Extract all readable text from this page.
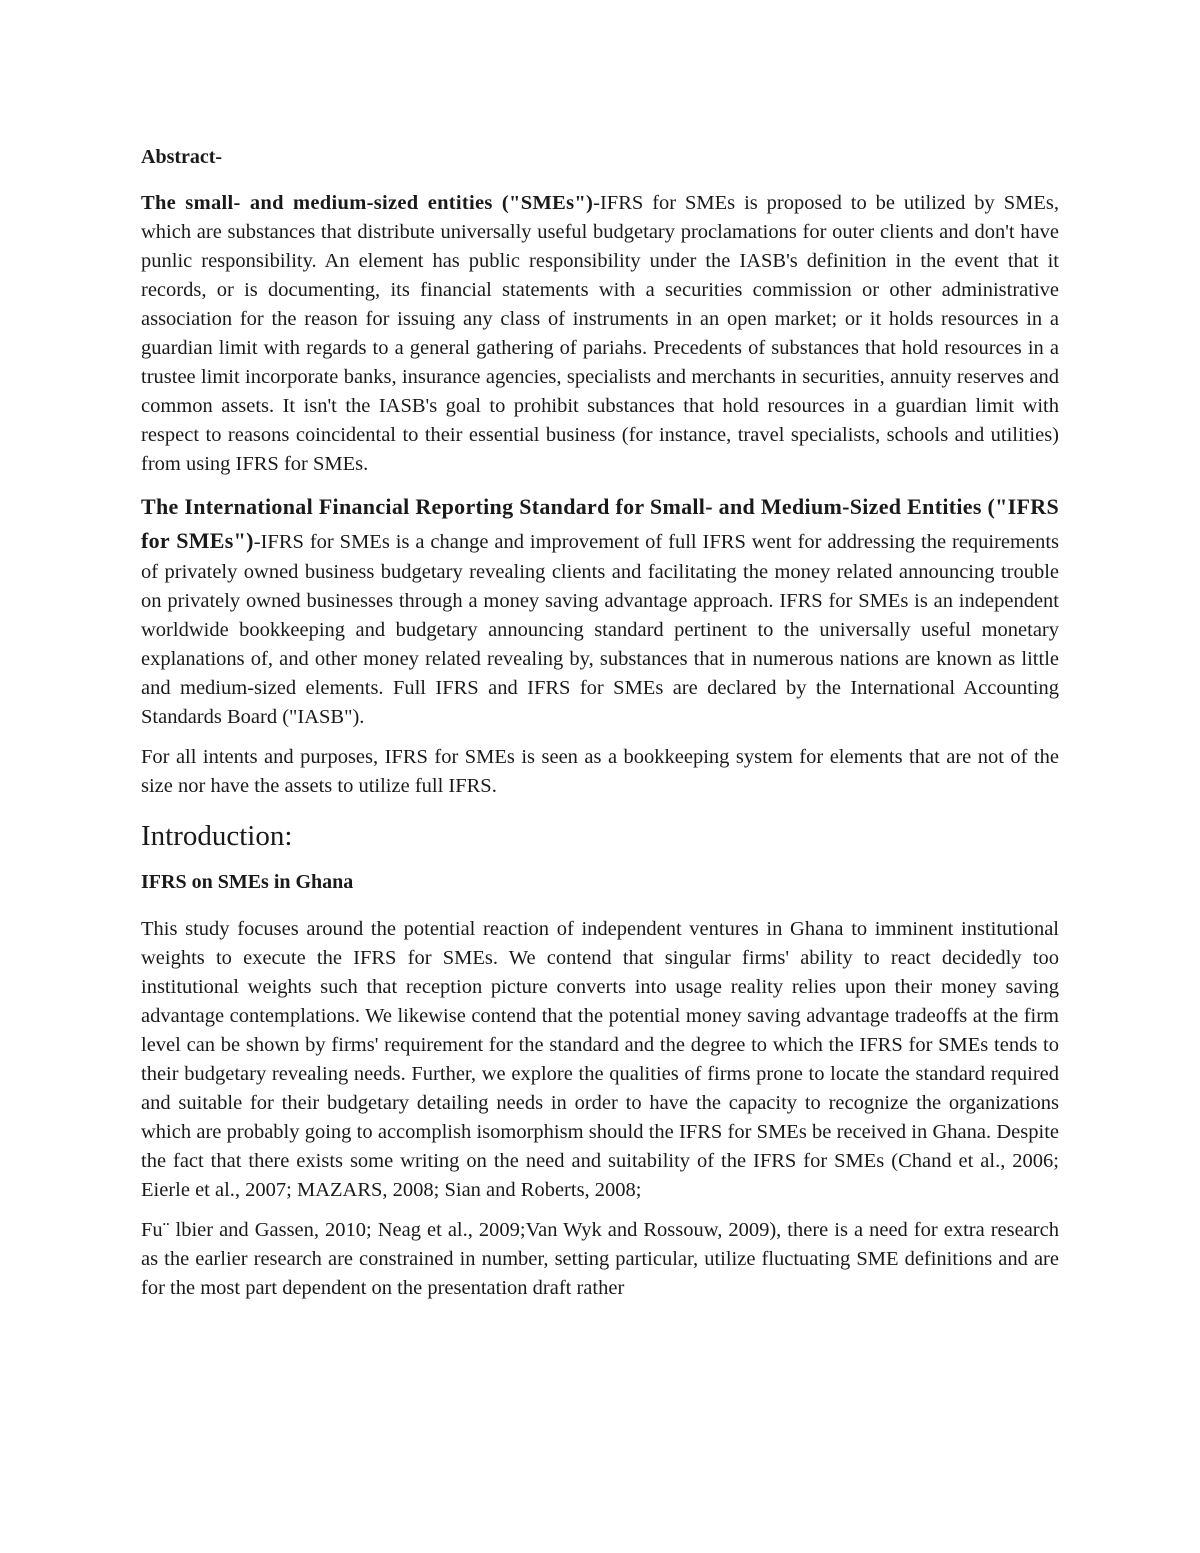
Abstract-

The small- and medium-sized entities ("SMEs")-IFRS for SMEs is proposed to be utilized by SMEs, which are substances that distribute universally useful budgetary proclamations for outer clients and don't have punlic responsibility. An element has public responsibility under the IASB's definition in the event that it records, or is documenting, its financial statements with a securities commission or other administrative association for the reason for issuing any class of instruments in an open market; or it holds resources in a guardian limit with regards to a general gathering of pariahs. Precedents of substances that hold resources in a trustee limit incorporate banks, insurance agencies, specialists and merchants in securities, annuity reserves and common assets. It isn't the IASB's goal to prohibit substances that hold resources in a guardian limit with respect to reasons coincidental to their essential business (for instance, travel specialists, schools and utilities) from using IFRS for SMEs.

The International Financial Reporting Standard for Small- and Medium-Sized Entities ("IFRS for SMEs")-IFRS for SMEs is a change and improvement of full IFRS went for addressing the requirements of privately owned business budgetary revealing clients and facilitating the money related announcing trouble on privately owned businesses through a money saving advantage approach. IFRS for SMEs is an independent worldwide bookkeeping and budgetary announcing standard pertinent to the universally useful monetary explanations of, and other money related revealing by, substances that in numerous nations are known as little and medium-sized elements. Full IFRS and IFRS for SMEs are declared by the International Accounting Standards Board ("IASB").

For all intents and purposes, IFRS for SMEs is seen as a bookkeeping system for elements that are not of the size nor have the assets to utilize full IFRS.

Introduction:
IFRS on SMEs in Ghana

This study focuses around the potential reaction of independent ventures in Ghana to imminent institutional weights to execute the IFRS for SMEs. We contend that singular firms' ability to react decidedly too institutional weights such that reception picture converts into usage reality relies upon their money saving advantage contemplations. We likewise contend that the potential money saving advantage tradeoffs at the firm level can be shown by firms' requirement for the standard and the degree to which the IFRS for SMEs tends to their budgetary revealing needs. Further, we explore the qualities of firms prone to locate the standard required and suitable for their budgetary detailing needs in order to have the capacity to recognize the organizations which are probably going to accomplish isomorphism should the IFRS for SMEs be received in Ghana. Despite the fact that there exists some writing on the need and suitability of the IFRS for SMEs (Chand et al., 2006; Eierle et al., 2007; MAZARS, 2008; Sian and Roberts, 2008;

Fu¨ lbier and Gassen, 2010; Neag et al., 2009;Van Wyk and Rossouw, 2009), there is a need for extra research as the earlier research are constrained in number, setting particular, utilize fluctuating SME definitions and are for the most part dependent on the presentation draft rather
